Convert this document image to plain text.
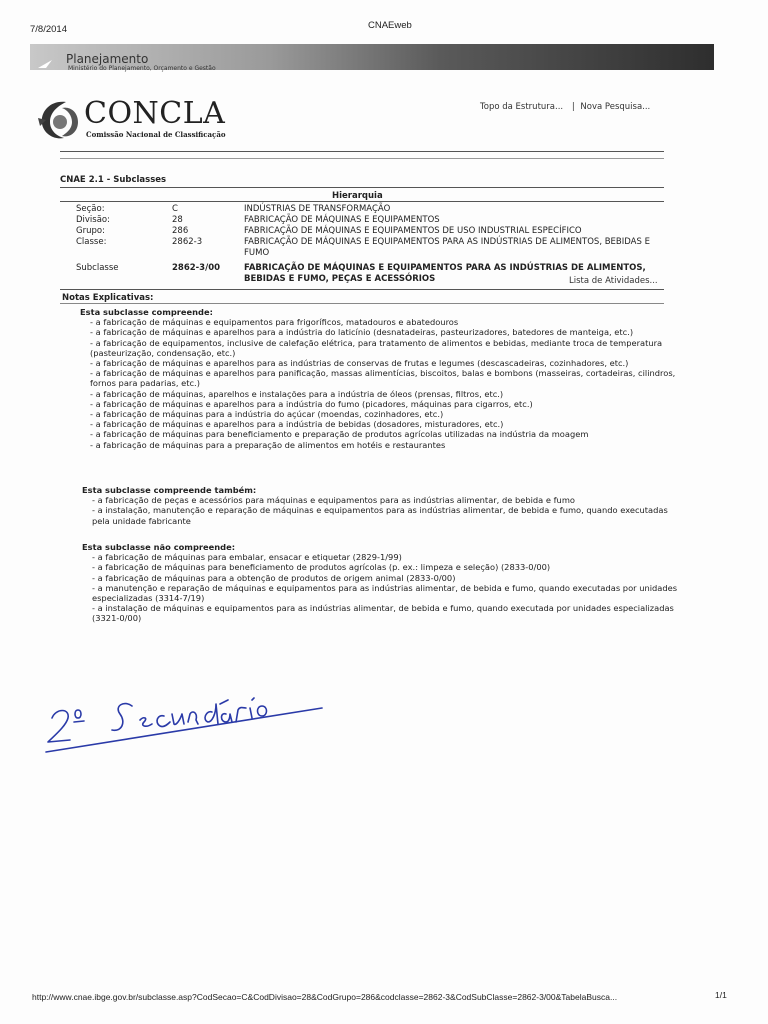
7/8/2014	CNAEweb
Planejamento
Ministério do Planejamento, Orçamento e Gestão
CONCLA
Comissão Nacional de Classificação
Topo da Estrutura... | Nova Pesquisa...
CNAE 2.1 - Subclasses
Hierarquia
Seção:	C	INDÚSTRIAS DE TRANSFORMAÇÃO
Divisão:	28	FABRICAÇÃO DE MÁQUINAS E EQUIPAMENTOS
Grupo:	286	FABRICAÇÃO DE MÁQUINAS E EQUIPAMENTOS DE USO INDUSTRIAL ESPECÍFICO
Classe:	2862-3	FABRICAÇÃO DE MÁQUINAS E EQUIPAMENTOS PARA AS INDÚSTRIAS DE ALIMENTOS, BEBIDAS E FUMO
Subclasse	2862-3/00	FABRICAÇÃO DE MÁQUINAS E EQUIPAMENTOS PARA AS INDÚSTRIAS DE ALIMENTOS, BEBIDAS E FUMO, PEÇAS E ACESSÓRIOS	Lista de Atividades...
Notas Explicativas:
Esta subclasse compreende:
- a fabricação de máquinas e equipamentos para frigoríficos, matadouros e abatedouros
- a fabricação de máquinas e aparelhos para a indústria do laticínio (desnatadeiras, pasteurizadores, batedores de manteiga, etc.)
- a fabricação de equipamentos, inclusive de calefação elétrica, para tratamento de alimentos e bebidas, mediante troca de temperatura (pasteurização, condensação, etc.)
- a fabricação de máquinas e aparelhos para as indústrias de conservas de frutas e legumes (descascadeiras, cozinhadores, etc.)
- a fabricação de máquinas e aparelhos para panificação, massas alimentícias, biscoitos, balas e bombons (masseiras, cortadeiras, cilindros, fornos para padarias, etc.)
- a fabricação de máquinas, aparelhos e instalações para a indústria de óleos (prensas, filtros, etc.)
- a fabricação de máquinas e aparelhos para a indústria do fumo (picadores, máquinas para cigarros, etc.)
- a fabricação de máquinas para a indústria do açúcar (moendas, cozinhadores, etc.)
- a fabricação de máquinas e aparelhos para a indústria de bebidas (dosadores, misturadores, etc.)
- a fabricação de máquinas para beneficiamento e preparação de produtos agrícolas utilizadas na indústria da moagem
- a fabricação de máquinas para a preparação de alimentos em hotéis e restaurantes
Esta subclasse compreende também:
- a fabricação de peças e acessórios para máquinas e equipamentos para as indústrias alimentar, de bebida e fumo
- a instalação, manutenção e reparação de máquinas e equipamentos para as indústrias alimentar, de bebida e fumo, quando executadas pela unidade fabricante
Esta subclasse não compreende:
- a fabricação de máquinas para embalar, ensacar e etiquetar (2829-1/99)
- a fabricação de máquinas para beneficiamento de produtos agrícolas (p. ex.: limpeza e seleção) (2833-0/00)
- a fabricação de máquinas para a obtenção de produtos de origem animal (2833-0/00)
- a manutenção e reparação de máquinas e equipamentos para as indústrias alimentar, de bebida e fumo, quando executadas por unidades especializadas (3314-7/19)
- a instalação de máquinas e equipamentos para as indústrias alimentar, de bebida e fumo, quando executada por unidades especializadas (3321-0/00)
http://www.cnae.ibge.gov.br/subclasse.asp?CodSecao=C&CodDivisao=28&CodGrupo=286&codclasse=2862-3&CodSubClasse=2862-3/00&TabelaBusca...	1/1
